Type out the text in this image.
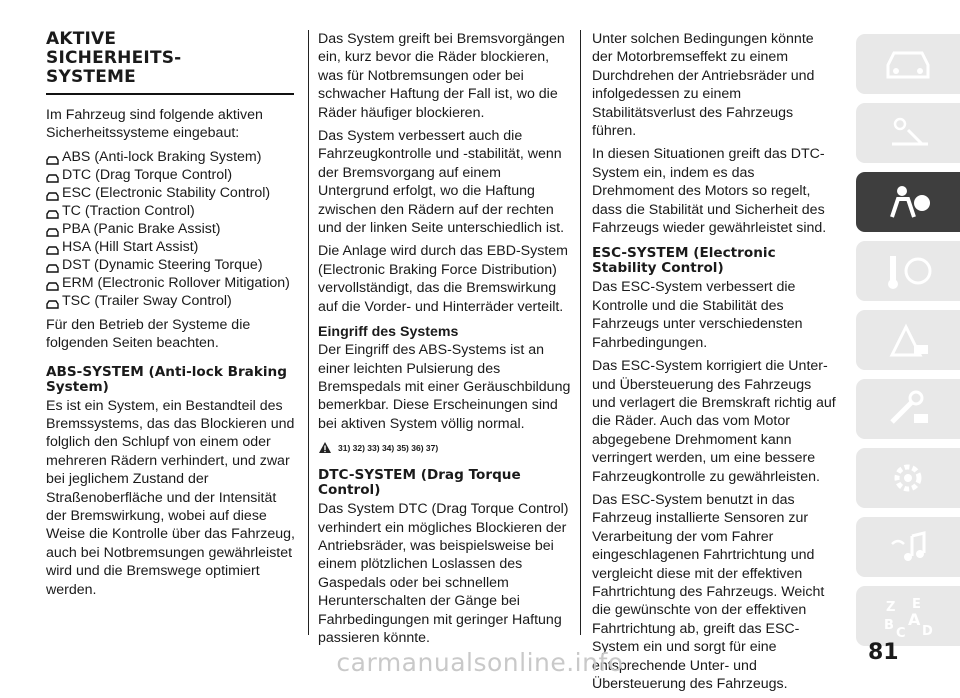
AKTIVE
SICHERHEITS-
SYSTEME

Im Fahrzeug sind folgende aktiven Sicherheitssysteme eingebaut:

ABS (Anti-lock Braking System)
DTC (Drag Torque Control)
ESC (Electronic Stability Control)
TC (Traction Control)
PBA (Panic Brake Assist)
HSA (Hill Start Assist)
DST (Dynamic Steering Torque)
ERM (Electronic Rollover Mitigation)
TSC (Trailer Sway Control)

Für den Betrieb der Systeme die folgenden Seiten beachten.

ABS-SYSTEM (Anti-lock Braking System)

Es ist ein System, ein Bestandteil des Bremssystems, das das Blockieren und folglich den Schlupf von einem oder mehreren Rädern verhindert, und zwar bei jeglichem Zustand der Straßenoberfläche und der Intensität der Bremswirkung, wobei auf diese Weise die Kontrolle über das Fahrzeug, auch bei Notbremsungen gewährleistet wird und die Bremswege optimiert werden.

Das System greift bei Bremsvorgängen ein, kurz bevor die Räder blockieren, was für Notbremsungen oder bei schwacher Haftung der Fall ist, wo die Räder häufiger blockieren.

Das System verbessert auch die Fahrzeugkontrolle und -stabilität, wenn der Bremsvorgang auf einem Untergrund erfolgt, wo die Haftung zwischen den Rädern auf der rechten und der linken Seite unterschiedlich ist.

Die Anlage wird durch das EBD-System (Electronic Braking Force Distribution) vervollständigt, das die Bremswirkung auf die Vorder- und Hinterräder verteilt.

Eingriff des Systems

Der Eingriff des ABS-Systems ist an einer leichten Pulsierung des Bremspedals mit einer Geräuschbildung bemerkbar. Diese Erscheinungen sind bei aktiven System völlig normal.

31) 32) 33) 34) 35) 36) 37)
DTC-SYSTEM (Drag Torque Control)

Das System DTC (Drag Torque Control) verhindert ein mögliches Blockieren der Antriebsräder, was beispielsweise bei einem plötzlichen Loslassen des Gaspedals oder bei schnellem Herunterschalten der Gänge bei Fahrbedingungen mit geringer Haftung passieren könnte.

Unter solchen Bedingungen könnte der Motorbremseffekt zu einem Durchdrehen der Antriebsräder und infolgedessen zu einem Stabilitätsverlust des Fahrzeugs führen.

In diesen Situationen greift das DTC-System ein, indem es das Drehmoment des Motors so regelt, dass die Stabilität und Sicherheit des Fahrzeugs wieder gewährleistet sind.

ESC-SYSTEM (Electronic Stability Control)

Das ESC-System verbessert die Kontrolle und die Stabilität des Fahrzeugs unter verschiedensten Fahrbedingungen.

Das ESC-System korrigiert die Unter- und Übersteuerung des Fahrzeugs und verlagert die Bremskraft richtig auf die Räder. Auch das vom Motor abgegebene Drehmoment kann verringert werden, um eine bessere Fahrzeugkontrolle zu gewährleisten.

Das ESC-System benutzt in das Fahrzeug installierte Sensoren zur Verarbeitung der vom Fahrer eingeschlagenen Fahrtrichtung und vergleicht diese mit der effektiven Fahrtrichtung des Fahrzeugs. Weicht die gewünschte von der effektiven Fahrtrichtung ab, greift das ESC-System ein und sorgt für eine entsprechende Unter- und Übersteuerung des Fahrzeugs.

Z E
B A
C D
81
carmanualsonline.info
